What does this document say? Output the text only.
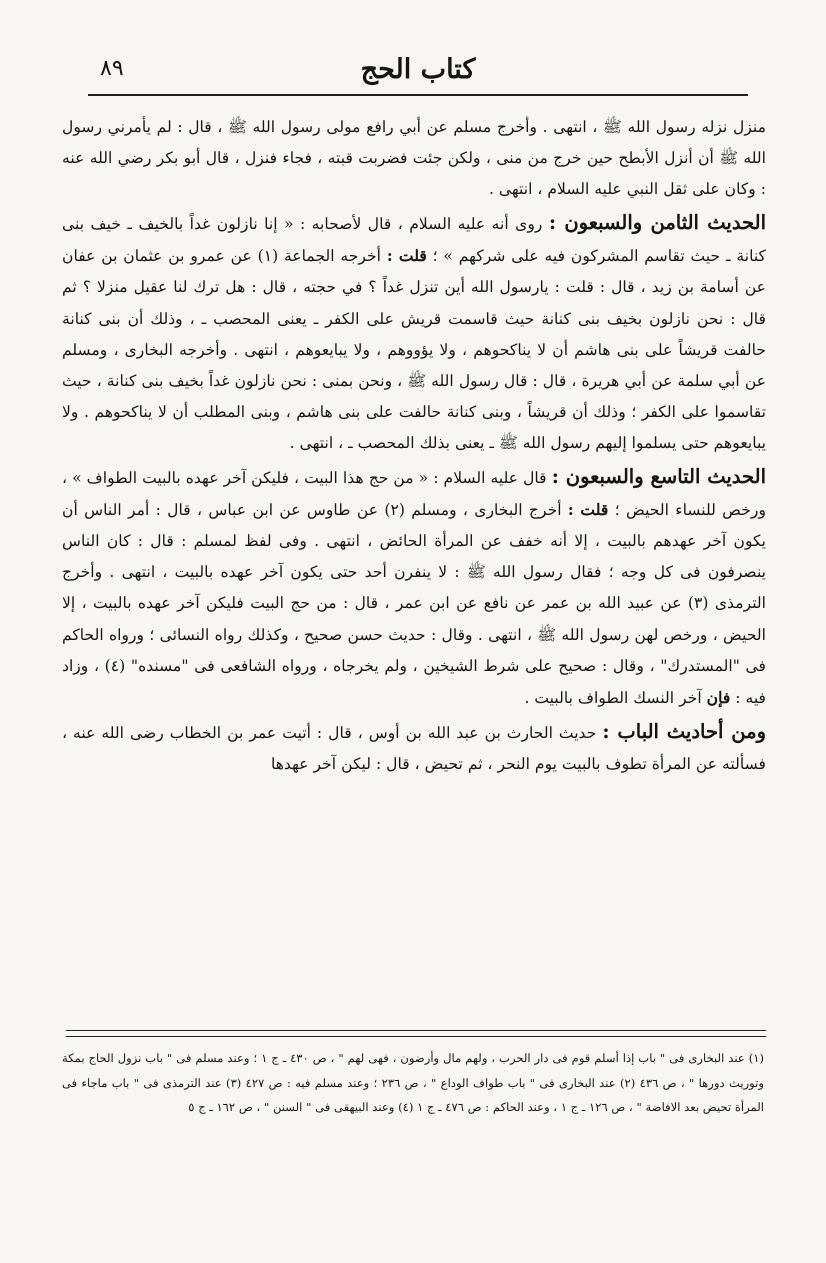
كتاب الحج
٨٩

منزل نزله رسول الله ﷺ ، انتهى . وأخرج مسلم عن أبي رافع مولى رسول الله ﷺ ، قال : لم يأمرني رسول الله ﷺ أن أنزل الأبطح حين خرج من منى ، ولكن جئت فضربت قبته ، فجاء فنزل ، قال أبو بكر رضي الله عنه : وكان على ثقل النبي عليه السلام ، انتهى .

الحديث الثامن والسبعون : روى أنه عليه السلام ، قال لأصحابه : « إنا نازلون غداً بالخيف ـ خيف بنى كنانة ـ حيث تقاسم المشركون فيه على شركهم » ؛ قلت : أخرجه الجماعة (١) عن عمرو بن عثمان بن عفان عن أسامة بن زيد ، قال : قلت : يارسول الله أين تنزل غداً ؟ في حجته ، قال : هل ترك لنا عقيل منزلا ؟ ثم قال : نحن نازلون بخيف بنى كنانة حيث قاسمت قريش على الكفر ـ يعنى المحصب ـ ، وذلك أن بنى كنانة حالفت قريشاً على بنى هاشم أن لا يناكحوهم ، ولا يؤووهم ، ولا يبايعوهم ، انتهى . وأخرجه البخارى ، ومسلم عن أبي سلمة عن أبي هريرة ، قال : قال رسول الله ﷺ ، ونحن بمنى : نحن نازلون غداً بخيف بنى كنانة ، حيث تقاسموا على الكفر ؛ وذلك أن قريشاً ، وبنى كنانة حالفت على بنى هاشم ، وبنى المطلب أن لا يناكحوهم . ولا يبايعوهم حتى يسلموا إليهم رسول الله ﷺ ـ يعنى بذلك المحصب ـ ، انتهى .

الحديث التاسع والسبعون : قال عليه السلام : « من حج هذا البيت ، فليكن آخر عهده بالبيت الطواف » ، ورخص للنساء الحيض ؛ قلت : أخرج البخارى ، ومسلم (٢) عن طاوس عن ابن عباس ، قال : أمر الناس أن يكون آخر عهدهم بالبيت ، إلا أنه خفف عن المرأة الحائض ، انتهى . وفى لفظ لمسلم : قال : كان الناس ينصرفون فى كل وجه ؛ فقال رسول الله ﷺ : لا ينفرن أحد حتى يكون آخر عهده بالبيت ، انتهى . وأخرج الترمذى (٣) عن عبيد الله بن عمر عن نافع عن ابن عمر ، قال : من حج البيت فليكن آخر عهده بالبيت ، إلا الحيض ، ورخص لهن رسول الله ﷺ ، انتهى . وقال : حديث حسن صحيح ، وكذلك رواه النسائى ؛ ورواه الحاكم فى "المستدرك" ، وقال : صحيح على شرط الشيخين ، ولم يخرجاه ، ورواه الشافعى فى "مسنده" (٤) ، وزاد فيه : فإن آخر النسك الطواف بالبيت .

ومن أحاديث الباب : حديث الحارث بن عبد الله بن أوس ، قال : أتيت عمر بن الخطاب رضى الله عنه ، فسألته عن المرأة تطوف بالبيت يوم النحر ، ثم تحيض ، قال : ليكن آخر عهدها

(١) عند البخارى فى " باب إذا أسلم قوم فى دار الحرب ، ولهم مال وأرضون ، فهى لهم " ، ص ٤٣٠ ـ ج ١ ؛ وعند مسلم فى " باب نزول الحاج بمكة وتوريث دورها " ، ص ٤٣٦ (٢) عند البخارى فى " باب طواف الوداع " ، ص ٢٣٦ ؛ وعند مسلم فيه : ص ٤٢٧ (٣) عند الترمذى فى " باب ماجاء فى المرأة تحيض بعد الافاضة " ، ص ١٢٦ ـ ج ١ ، وعند الحاكم : ص ٤٧٦ ـ ج ١ (٤) وعند البيهقى فى " السنن " ، ص ١٦٢ ـ ج ٥
